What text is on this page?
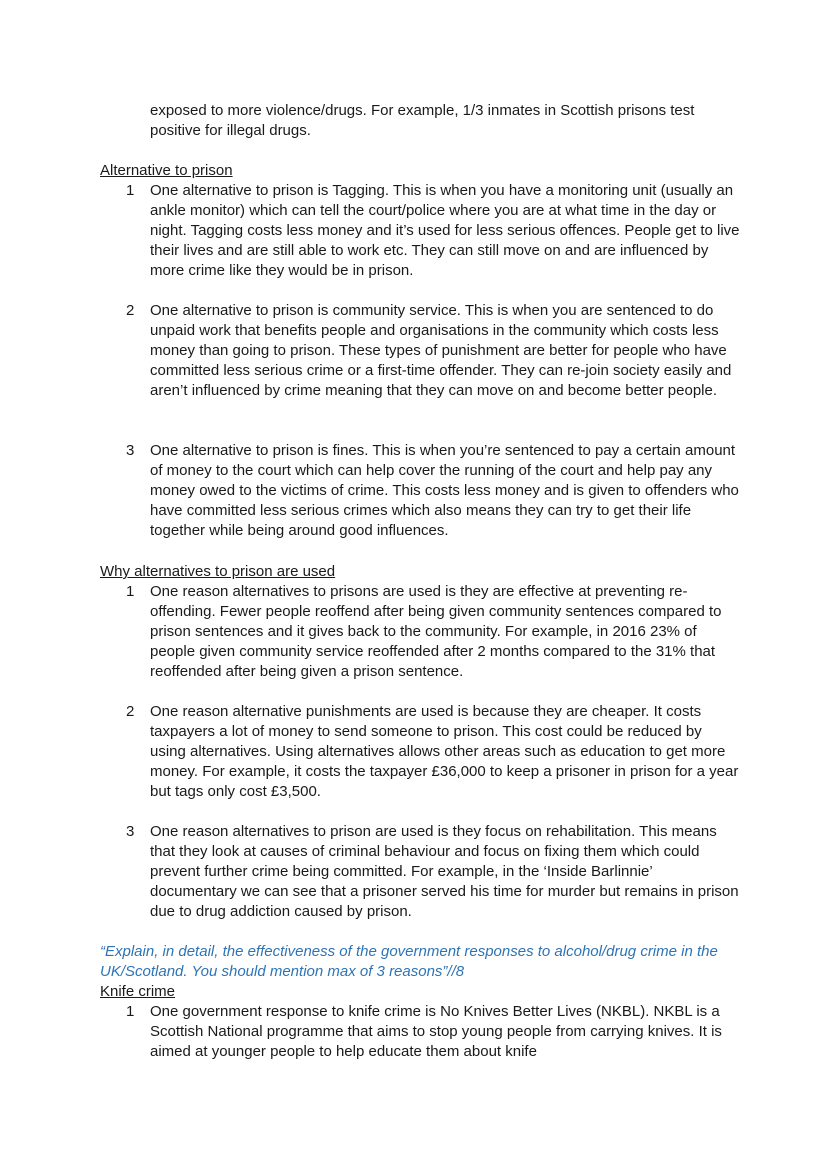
exposed to more violence/drugs. For example, 1/3 inmates in Scottish prisons test positive for illegal drugs.

Alternative to prison
1	One alternative to prison is Tagging. This is when you have a monitoring unit (usually an ankle monitor) which can tell the court/police where you are at what time in the day or night. Tagging costs less money and it’s used for less serious offences. People get to live their lives and are still able to work etc. They can still move on and are influenced by more crime like they would be in prison.

2	One alternative to prison is community service. This is when you are sentenced to do unpaid work that benefits people and organisations in the community which costs less money than going to prison. These types of punishment are better for people who have committed less serious crime or a first-time offender. They can re-join society easily and aren’t influenced by crime meaning that they can move on and become better people.

3	One alternative to prison is fines. This is when you’re sentenced to pay a certain amount of money to the court which can help cover the running of the court and help pay any money owed to the victims of crime. This costs less money and is given to offenders who have committed less serious crimes which also means they can try to get their life together while being around good influences.

Why alternatives to prison are used
1	One reason alternatives to prisons are used is they are effective at preventing re-offending. Fewer people reoffend after being given community sentences compared to prison sentences and it gives back to the community. For example, in 2016 23% of people given community service reoffended after 2 months compared to the 31% that reoffended after being given a prison sentence.

2	One reason alternative punishments are used is because they are cheaper. It costs taxpayers a lot of money to send someone to prison. This cost could be reduced by using alternatives. Using alternatives allows other areas such as education to get more money. For example, it costs the taxpayer £36,000 to keep a prisoner in prison for a year but tags only cost £3,500.

3	One reason alternatives to prison are used is they focus on rehabilitation. This means that they look at causes of criminal behaviour and focus on fixing them which could prevent further crime being committed. For example, in the ‘Inside Barlinnie’ documentary we can see that a prisoner served his time for murder but remains in prison due to drug addiction caused by prison.

“Explain, in detail, the effectiveness of the government responses to alcohol/drug crime in the UK/Scotland. You should mention max of 3 reasons”//8

Knife crime
1	One government response to knife crime is No Knives Better Lives (NKBL). NKBL is a Scottish National programme that aims to stop young people from carrying knives. It is aimed at younger people to help educate them about knife
